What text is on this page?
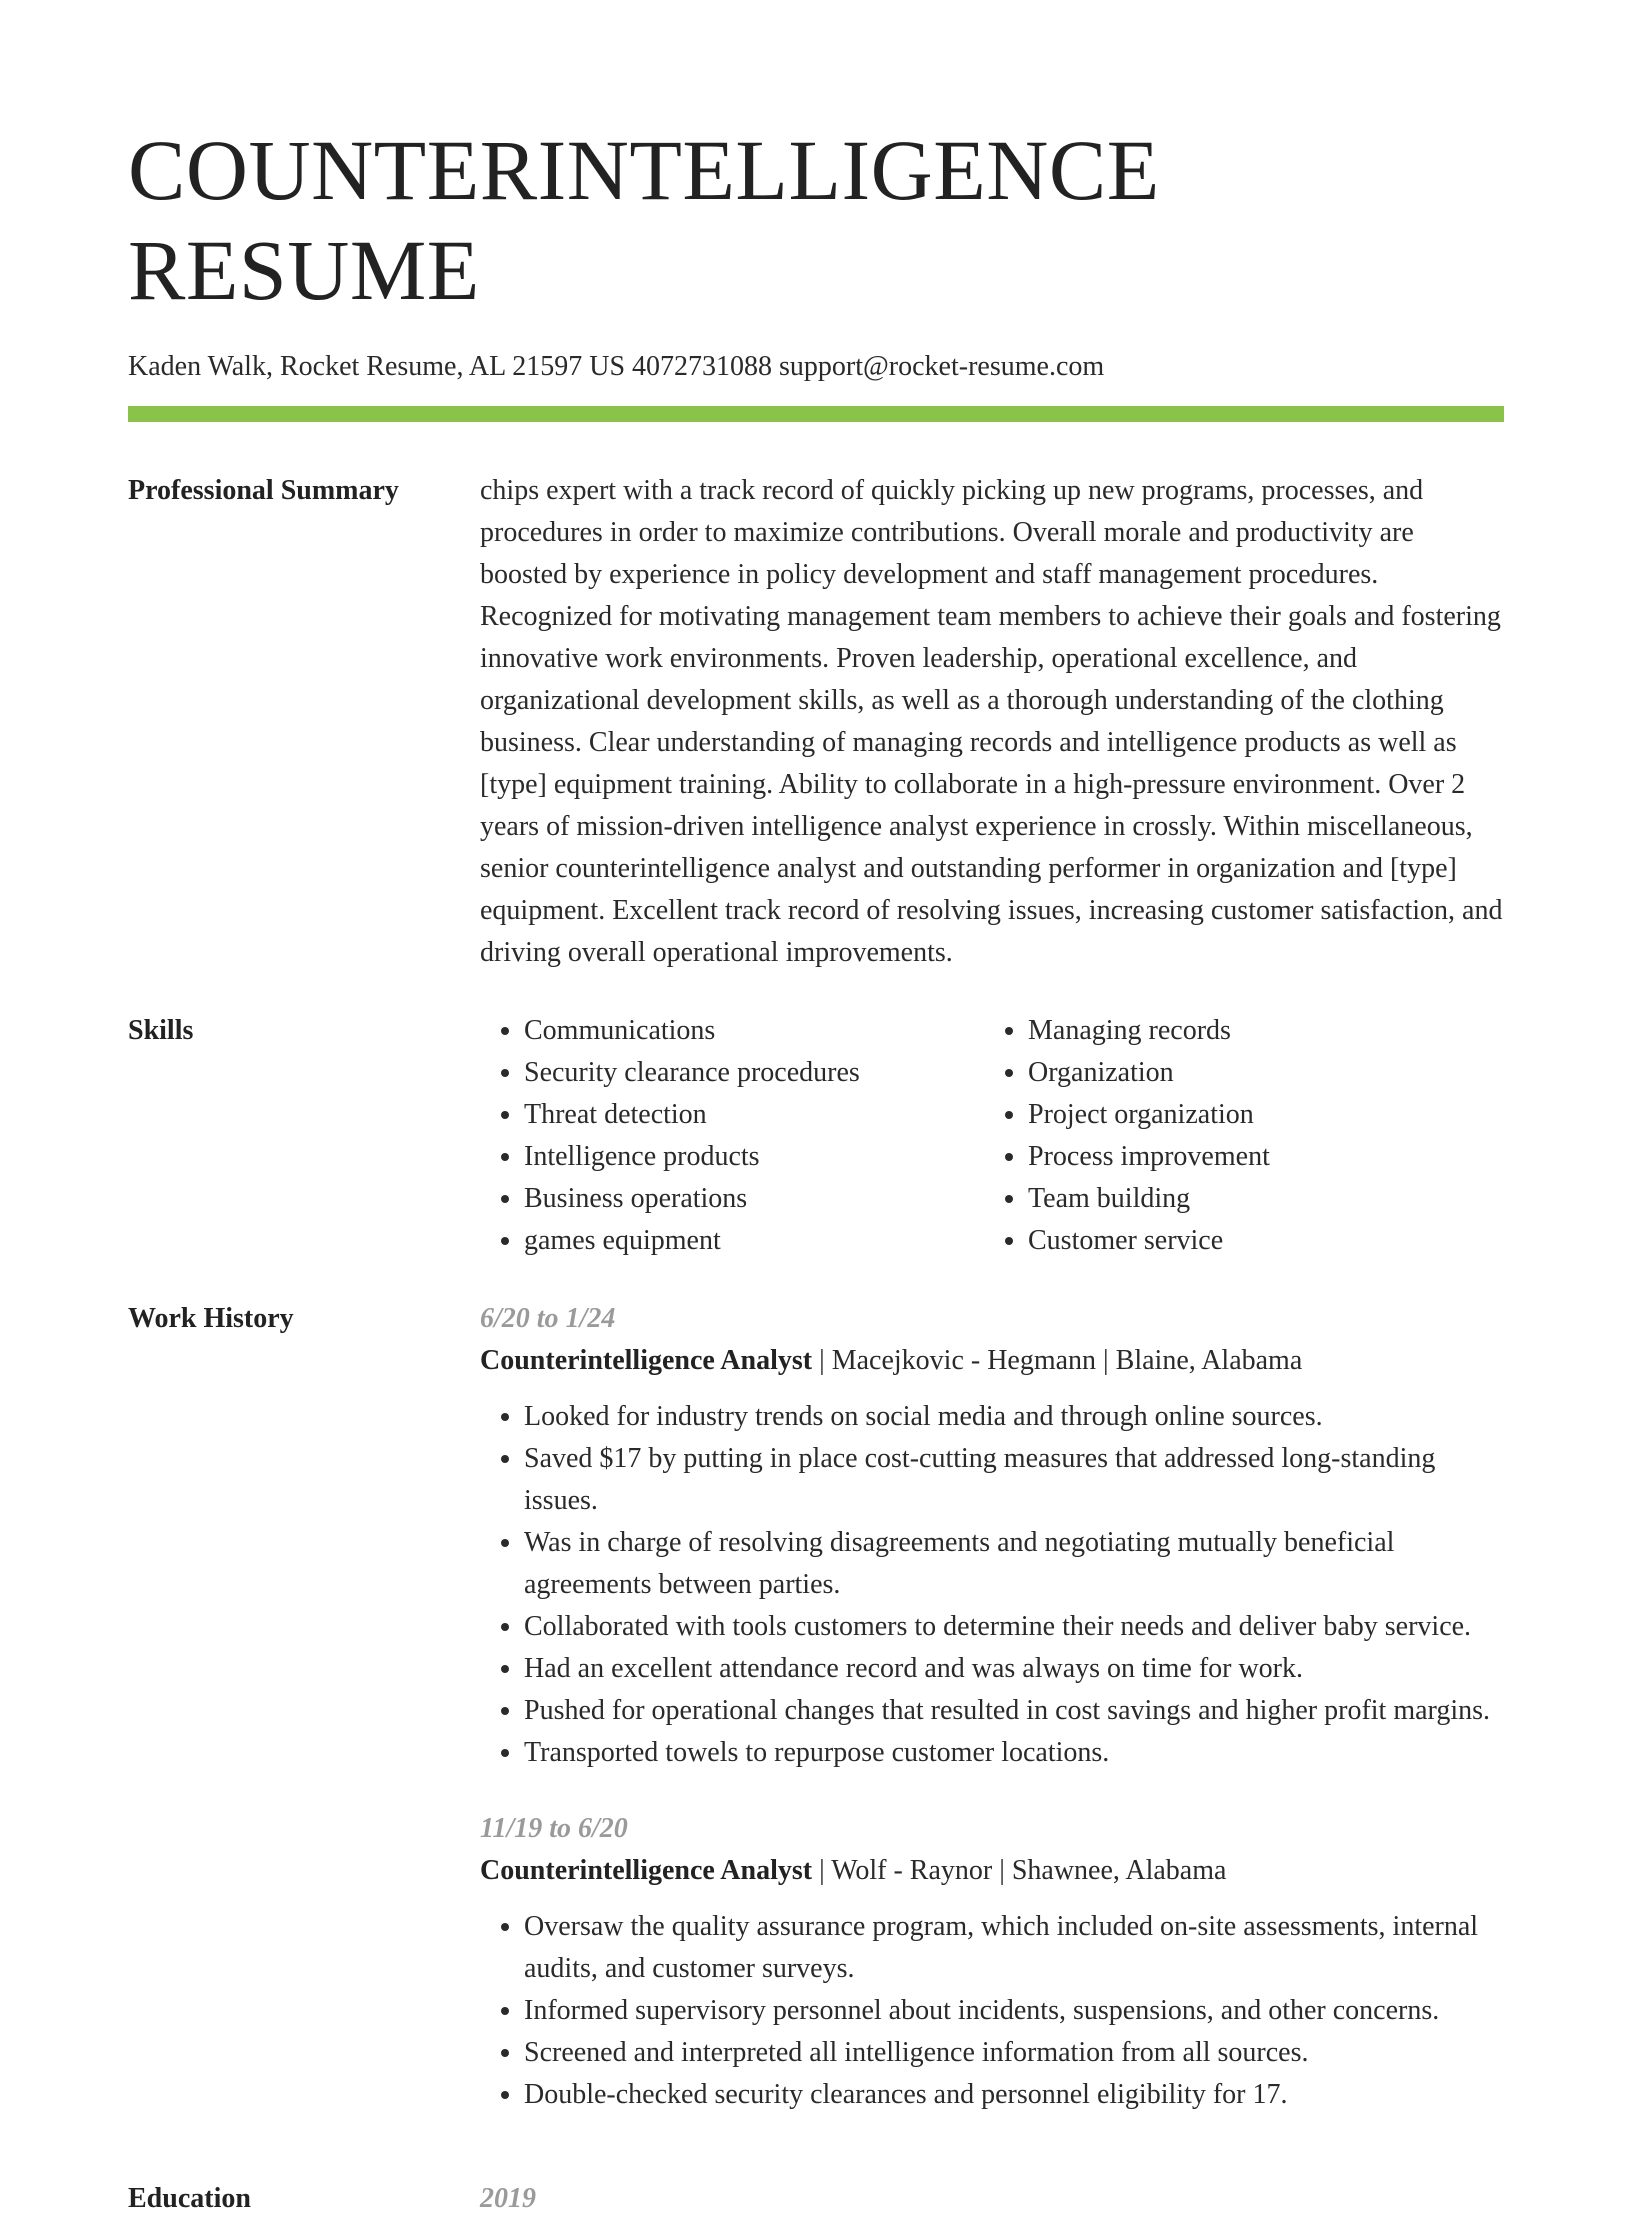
COUNTERINTELLIGENCE RESUME
Kaden Walk, Rocket Resume, AL 21597 US 4072731088 support@rocket-resume.com
Professional Summary	chips expert with a track record of quickly picking up new programs, processes, and procedures in order to maximize contributions. Overall morale and productivity are boosted by experience in policy development and staff management procedures. Recognized for motivating management team members to achieve their goals and fostering innovative work environments. Proven leadership, operational excellence, and organizational development skills, as well as a thorough understanding of the clothing business. Clear understanding of managing records and intelligence products as well as [type] equipment training. Ability to collaborate in a high-pressure environment. Over 2 years of mission-driven intelligence analyst experience in crossly. Within miscellaneous, senior counterintelligence analyst and outstanding performer in organization and [type] equipment. Excellent track record of resolving issues, increasing customer satisfaction, and driving overall operational improvements.

Skills
•	Communications
• Security clearance procedures
• Threat detection
• Intelligence products
• Business operations
• games equipment
• Managing records
• Organization
• Project organization
• Process improvement
• Team building
• Customer service
Work History	6/20 to 1/24
Counterintelligence Analyst | Macejkovic - Hegmann | Blaine, Alabama
• Looked for industry trends on social media and through online sources.
• Saved $17 by putting in place cost-cutting measures that addressed long-standing issues.
• Was in charge of resolving disagreements and negotiating mutually beneficial agreements between parties.
• Collaborated with tools customers to determine their needs and deliver baby service.
• Had an excellent attendance record and was always on time for work.
• Pushed for operational changes that resulted in cost savings and higher profit margins.
• Transported towels to repurpose customer locations.
11/19 to 6/20
Counterintelligence Analyst | Wolf - Raynor | Shawnee, Alabama
• Oversaw the quality assurance program, which included on-site assessments, internal audits, and customer surveys.
• Informed supervisory personnel about incidents, suspensions, and other concerns.
• Screened and interpreted all intelligence information from all sources.
• Double-checked security clearances and personnel eligibility for 17.
Education	2019
